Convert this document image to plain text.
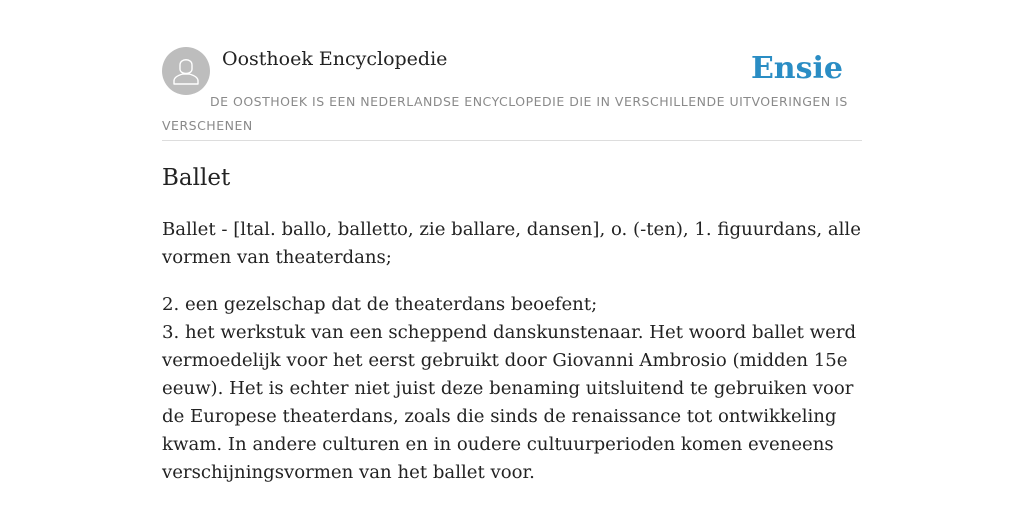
Oosthoek Encyclopedie	Ensie
DE OOSTHOEK IS EEN NEDERLANDSE ENCYCLOPEDIE DIE IN VERSCHILLENDE UITVOERINGEN IS VERSCHENEN
Ballet

Ballet - [ltal. ballo, balletto, zie ballare, dansen], o. (-ten), 1. figuurdans, alle vormen van theaterdans;

2. een gezelschap dat de theaterdans beoefent;
3. het werkstuk van een scheppend danskunstenaar. Het woord ballet werd vermoedelijk voor het eerst gebruikt door Giovanni Ambrosio (midden 15e eeuw). Het is echter niet juist deze benaming uitsluitend te gebruiken voor de Europese theaterdans, zoals die sinds de renaissance tot ontwikkeling kwam. In andere culturen en in oudere cultuurperioden komen eveneens verschijningsvormen van het ballet voor.
